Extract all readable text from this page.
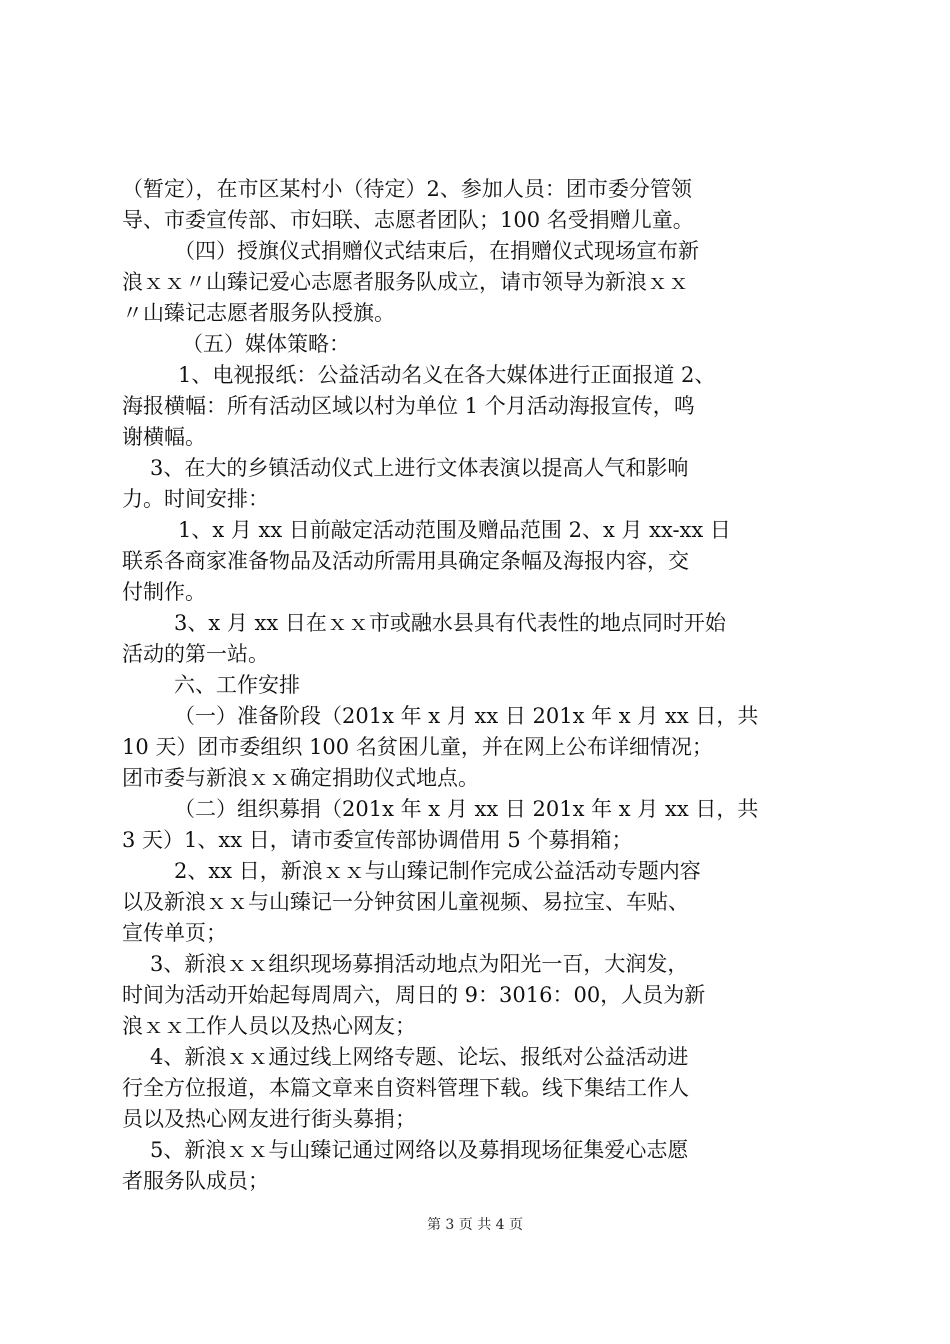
（暂定），在市区某村小（待定）2、参加人员：团市委分管领
导、市委宣传部、市妇联、志愿者团队；100 名受捐赠儿童。
（四）授旗仪式捐赠仪式结束后，在捐赠仪式现场宣布新
浪ｘｘ〃山臻记爱心志愿者服务队成立，请市领导为新浪ｘｘ
〃山臻记志愿者服务队授旗。
（五）媒体策略：
1、电视报纸：公益活动名义在各大媒体进行正面报道 2、
海报横幅：所有活动区域以村为单位 1 个月活动海报宣传，鸣
谢横幅。
3、在大的乡镇活动仪式上进行文体表演以提高人气和影响
力。时间安排：
1、x 月 xx 日前敲定活动范围及赠品范围 2、x 月 xx-xx 日
联系各商家准备物品及活动所需用具确定条幅及海报内容，交
付制作。
3、x 月 xx 日在ｘｘ市或融水县具有代表性的地点同时开始
活动的第一站。
六、工作安排
（一）准备阶段（201x 年 x 月 xx 日 201x 年 x 月 xx 日，共
10 天）团市委组织 100 名贫困儿童，并在网上公布详细情况；
团市委与新浪ｘｘ确定捐助仪式地点。
（二）组织募捐（201x 年 x 月 xx 日 201x 年 x 月 xx 日，共
3 天）1、xx 日，请市委宣传部协调借用 5 个募捐箱；
2、xx 日，新浪ｘｘ与山臻记制作完成公益活动专题内容
以及新浪ｘｘ与山臻记一分钟贫困儿童视频、易拉宝、车贴、
宣传单页；
3、新浪ｘｘ组织现场募捐活动地点为阳光一百，大润发，
时间为活动开始起每周周六，周日的 9：3016：00，人员为新
浪ｘｘ工作人员以及热心网友；
4、新浪ｘｘ通过线上网络专题、论坛、报纸对公益活动进
行全方位报道，本篇文章来自资料管理下载。线下集结工作人
员以及热心网友进行街头募捐；
5、新浪ｘｘ与山臻记通过网络以及募捐现场征集爱心志愿
者服务队成员；
第 3 页 共 4 页
